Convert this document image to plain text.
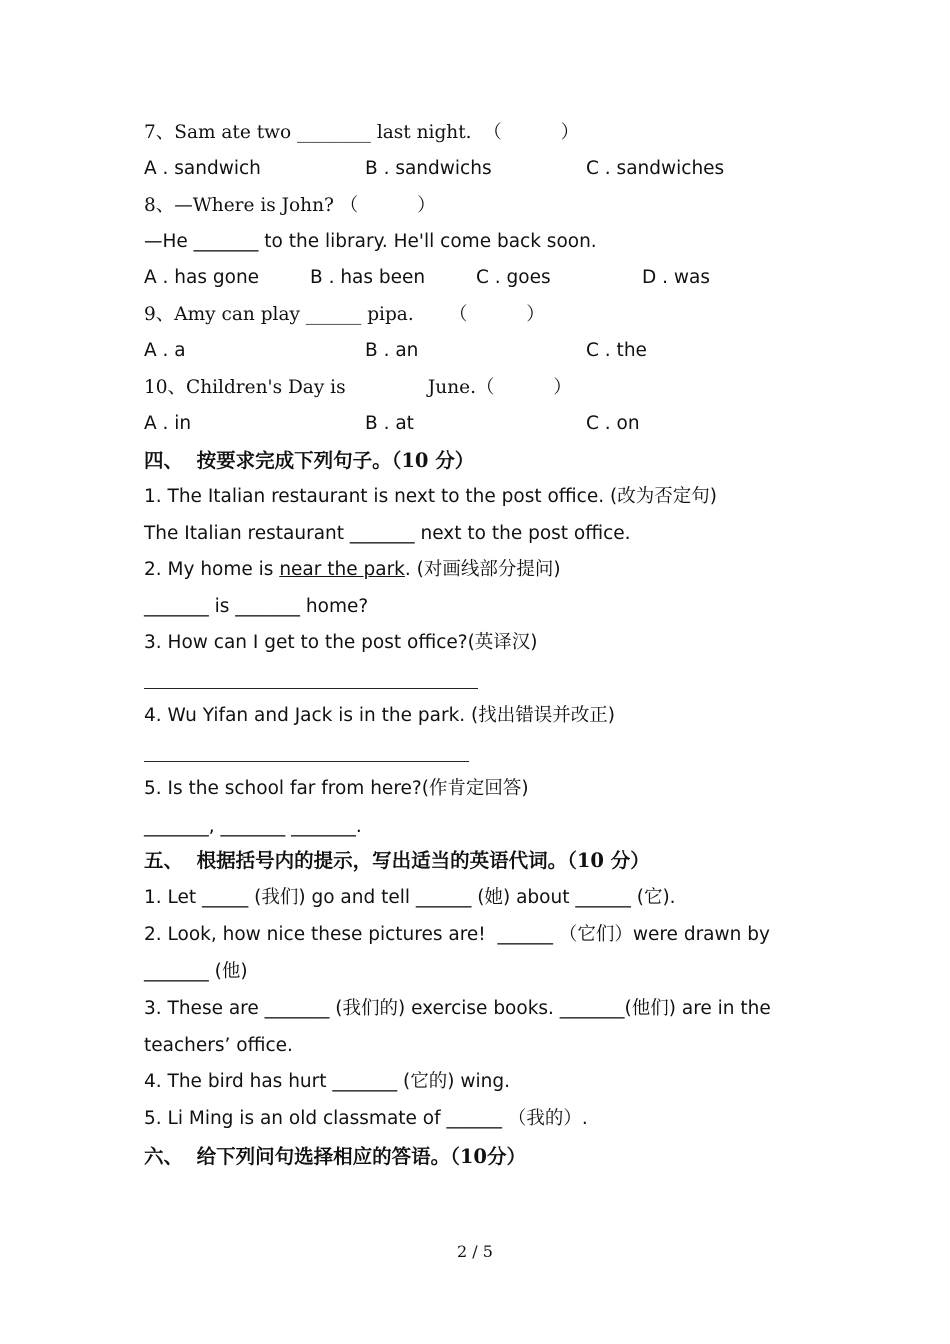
7、Sam ate two ________ last night.  （          ）
A . sandwich	B . sandwichs	C . sandwiches
8、—Where is John? （          ）
—He _______ to the library. He'll come back soon.
A . has gone	B . has been	C . goes	D . was
9、Amy can play ______ pipa.      （          ）
A . a	B . an	C . the
10、Children's Day is              June.（          ）
A . in	B . at	C . on
四、  按要求完成下列句子。（10 分）
1. The Italian restaurant is next to the post office. (改为否定句)
The Italian restaurant _______ next to the post office.
2. My home is near the park. (对画线部分提问)
_______ is _______ home?
3. How can I get to the post office?(英译汉)
4. Wu Yifan and Jack is in the park. (找出错误并改正)
5. Is the school far from here?(作肯定回答)
_______, _______ _______.
五、  根据括号内的提示，写出适当的英语代词。（10 分）
1. Let _____ (我们) go and tell ______ (她) about ______ (它).
2. Look, how nice these pictures are!  ______ （它们）were drawn by
_______ (他)
3. These are _______ (我们的) exercise books. _______(他们) are in the
teachers’ office.
4. The bird has hurt _______ (它的) wing.
5. Li Ming is an old classmate of ______ （我的）.
六、  给下列问句选择相应的答语。（10分）
2 / 5
